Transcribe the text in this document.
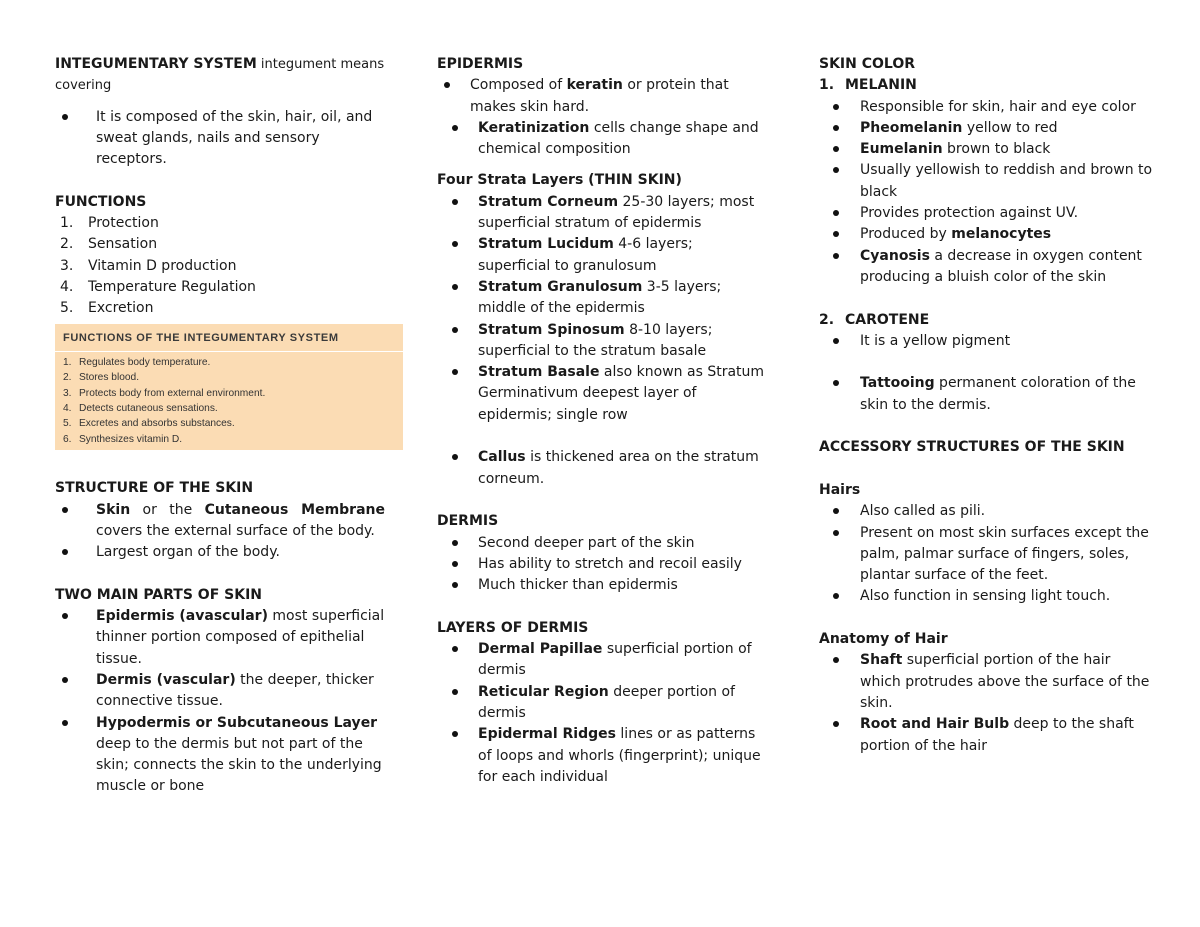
INTEGUMENTARY SYSTEM integument means covering

It is composed of the skin, hair, oil, and sweat glands, nails and sensory receptors.
FUNCTIONS
1. Protection
2. Sensation
3. Vitamin D production
4. Temperature Regulation
5. Excretion
FUNCTIONS OF THE INTEGUMENTARY SYSTEM
1. Regulates body temperature.
2. Stores blood.
3. Protects body from external environment.
4. Detects cutaneous sensations.
5. Excretes and absorbs substances.
6. Synthesizes vitamin D.
STRUCTURE OF THE SKIN
Skin or the Cutaneous Membrane covers the external surface of the body.
Largest organ of the body.
TWO MAIN PARTS OF SKIN
Epidermis (avascular) most superficial thinner portion composed of epithelial tissue.
Dermis (vascular) the deeper, thicker connective tissue.
Hypodermis or Subcutaneous Layer deep to the dermis but not part of the skin; connects the skin to the underlying muscle or bone
EPIDERMIS
Composed of keratin or protein that makes skin hard.
Keratinization cells change shape and chemical composition
Four Strata Layers (THIN SKIN)
Stratum Corneum 25-30 layers; most superficial stratum of epidermis
Stratum Lucidum 4-6 layers; superficial to granulosum
Stratum Granulosum 3-5 layers; middle of the epidermis
Stratum Spinosum 8-10 layers; superficial to the stratum basale
Stratum Basale also known as Stratum Germinativum deepest layer of epidermis; single row
Callus is thickened area on the stratum corneum.
DERMIS
Second deeper part of the skin
Has ability to stretch and recoil easily
Much thicker than epidermis
LAYERS OF DERMIS
Dermal Papillae superficial portion of dermis
Reticular Region deeper portion of dermis
Epidermal Ridges lines or as patterns of loops and whorls (fingerprint); unique for each individual
SKIN COLOR
1. MELANIN
Responsible for skin, hair and eye color
Pheomelanin yellow to red
Eumelanin brown to black
Usually yellowish to reddish and brown to black
Provides protection against UV.
Produced by melanocytes
Cyanosis a decrease in oxygen content producing a bluish color of the skin
2. CAROTENE
It is a yellow pigment
Tattooing permanent coloration of the skin to the dermis.
ACCESSORY STRUCTURES OF THE SKIN
Hairs
Also called as pili.
Present on most skin surfaces except the palm, palmar surface of fingers, soles, plantar surface of the feet.
Also function in sensing light touch.
Anatomy of Hair
Shaft superficial portion of the hair which protrudes above the surface of the skin.
Root and Hair Bulb deep to the shaft portion of the hair
